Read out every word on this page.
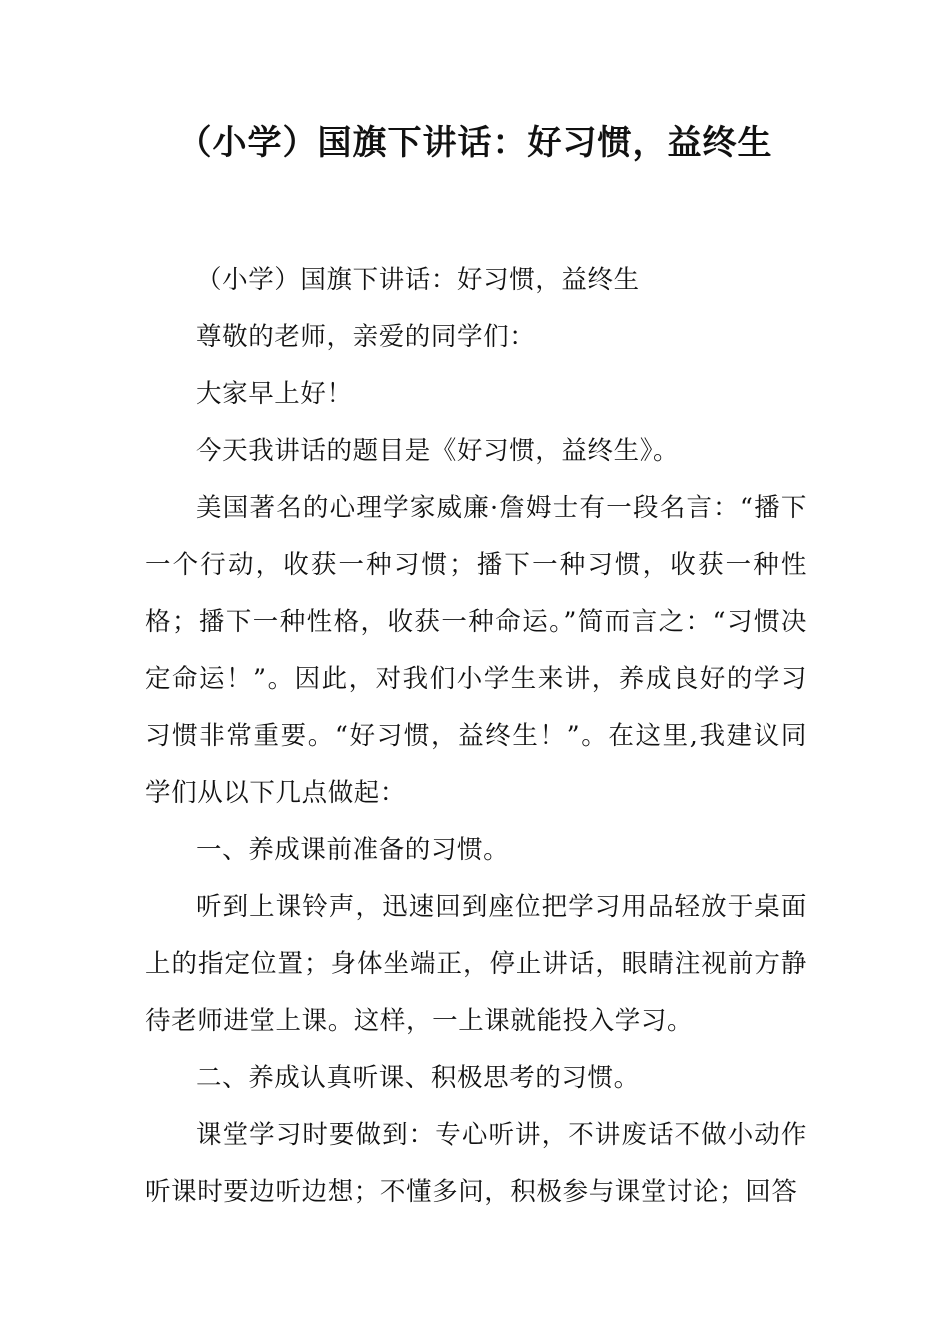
（小学）国旗下讲话：好习惯，益终生

（小学）国旗下讲话：好习惯，益终生

尊敬的老师，亲爱的同学们：

大家早上好！

今天我讲话的题目是《好习惯，益终生》。

美国著名的心理学家威廉·詹姆士有一段名言：“播下一个行动，收获一种习惯；播下一种习惯，收获一种性格；播下一种性格，收获一种命运。”简而言之：“习惯决定命运！”。因此，对我们小学生来讲，养成良好的学习习惯非常重要。“好习惯，益终生！”。在这里,我建议同学们从以下几点做起：

一、养成课前准备的习惯。

听到上课铃声，迅速回到座位把学习用品轻放于桌面上的指定位置；身体坐端正，停止讲话，眼睛注视前方静待老师进堂上课。这样，一上课就能投入学习。

二、养成认真听课、积极思考的习惯。

课堂学习时要做到：专心听讲，不讲废话不做小动作听课时要边听边想；不懂多问，积极参与课堂讨论；回答
